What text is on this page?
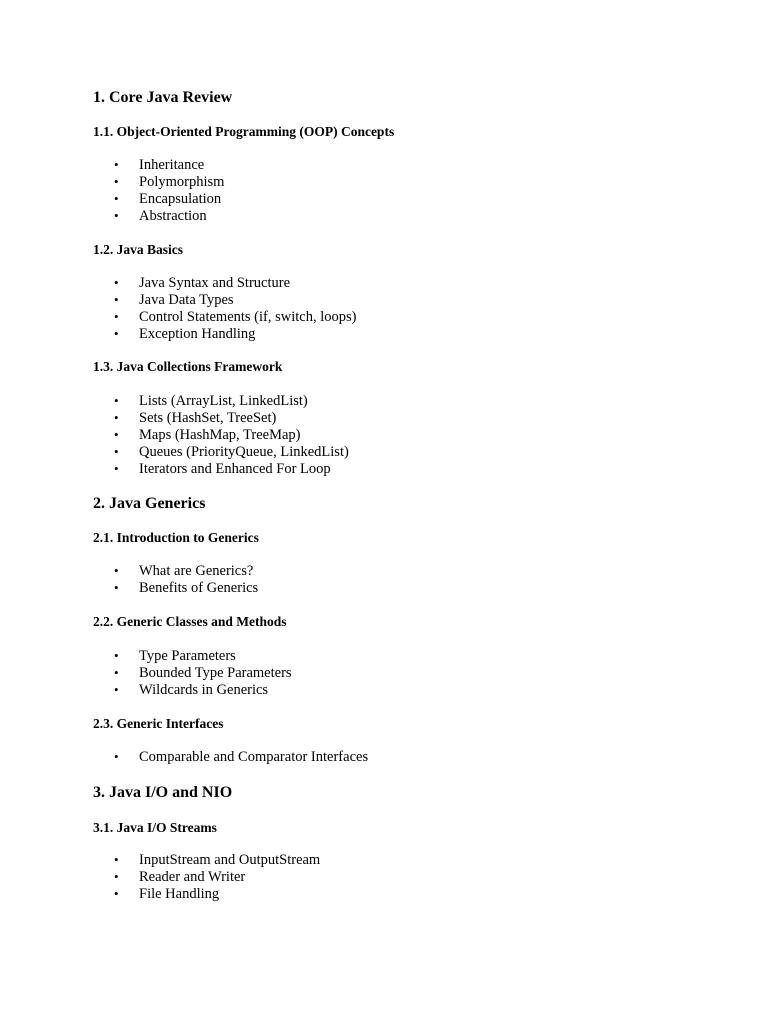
1. Core Java Review
1.1. Object-Oriented Programming (OOP) Concepts
• Inheritance
• Polymorphism
• Encapsulation
• Abstraction
1.2. Java Basics
• Java Syntax and Structure
• Java Data Types
• Control Statements (if, switch, loops)
• Exception Handling
1.3. Java Collections Framework
• Lists (ArrayList, LinkedList)
• Sets (HashSet, TreeSet)
• Maps (HashMap, TreeMap)
• Queues (PriorityQueue, LinkedList)
• Iterators and Enhanced For Loop
2. Java Generics
2.1. Introduction to Generics
• What are Generics?
• Benefits of Generics
2.2. Generic Classes and Methods
• Type Parameters
• Bounded Type Parameters
• Wildcards in Generics
2.3. Generic Interfaces
• Comparable and Comparator Interfaces
3. Java I/O and NIO
3.1. Java I/O Streams
• InputStream and OutputStream
• Reader and Writer
• File Handling
